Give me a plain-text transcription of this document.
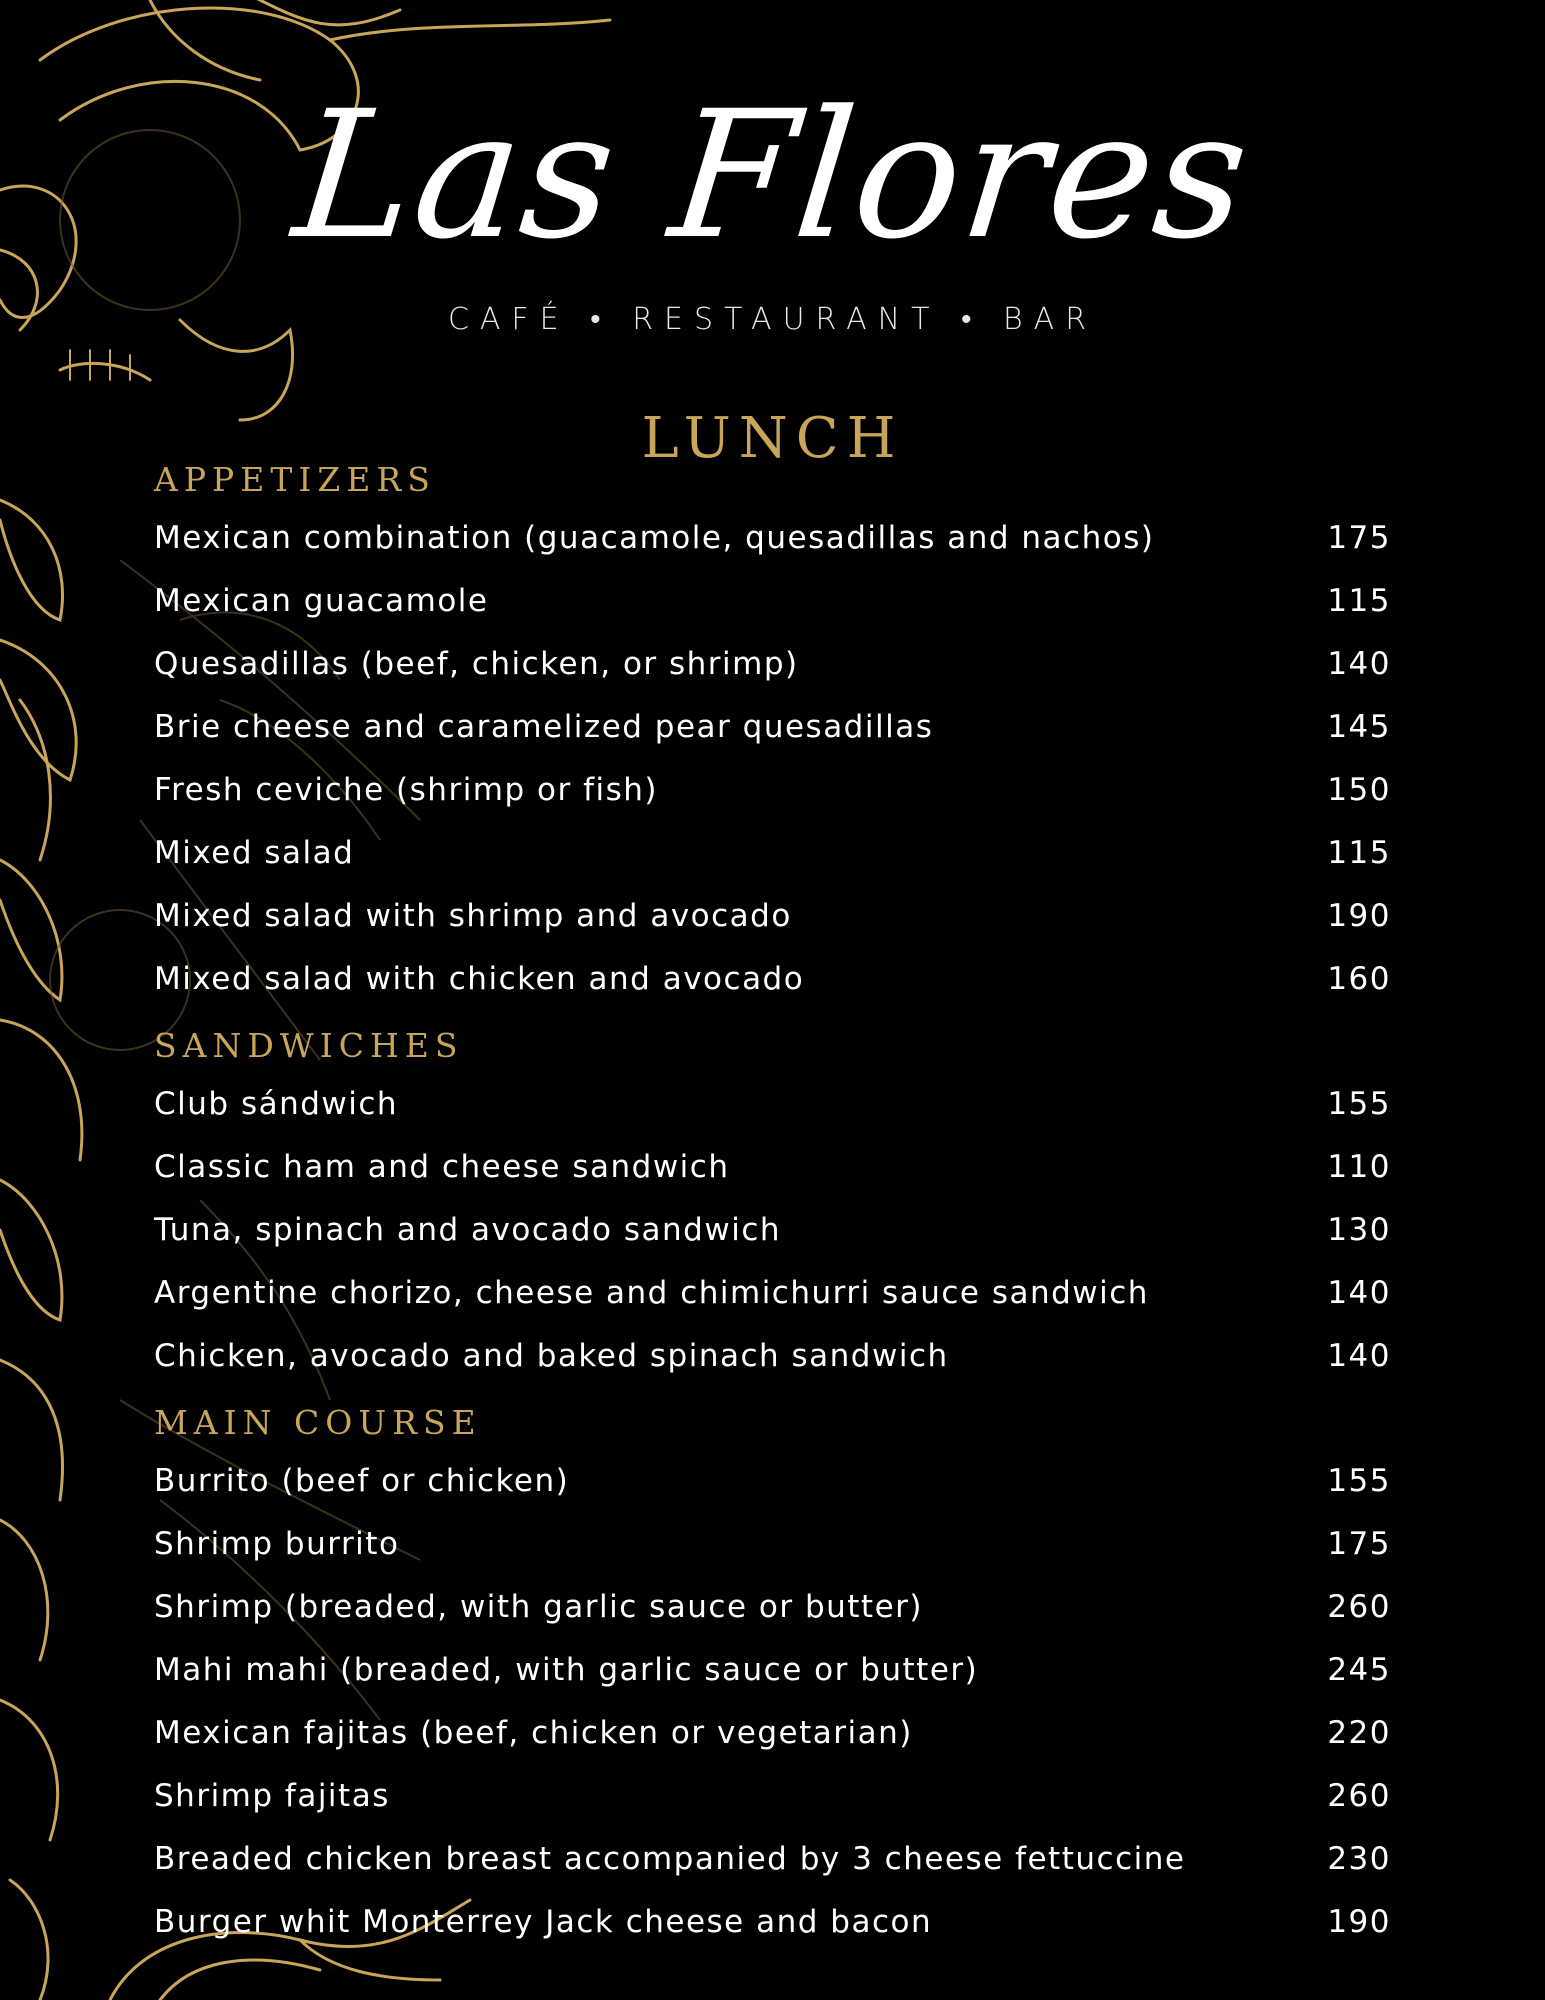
Las Flores
CAFÉ • RESTAURANT • BAR
LUNCH
APPETIZERS
Mexican combination (guacamole, quesadillas and nachos)	175
Mexican guacamole	115
Quesadillas (beef, chicken, or shrimp)	140
Brie cheese and caramelized pear quesadillas	145
Fresh ceviche (shrimp or fish)	150
Mixed salad	115
Mixed salad with shrimp and avocado	190
Mixed salad with chicken and avocado	160
SANDWICHES
Club sándwich	155
Classic ham and cheese sandwich	110
Tuna, spinach and avocado sandwich	130
Argentine chorizo, cheese and chimichurri sauce sandwich	140
Chicken, avocado and baked spinach sandwich	140
MAIN COURSE
Burrito (beef or chicken)	155
Shrimp burrito	175
Shrimp (breaded, with garlic sauce or butter)	260
Mahi mahi (breaded, with garlic sauce or butter)	245
Mexican fajitas (beef, chicken or vegetarian)	220
Shrimp fajitas	260
Breaded chicken breast accompanied by 3 cheese fettuccine	230
Burger whit Monterrey Jack cheese and bacon	190
